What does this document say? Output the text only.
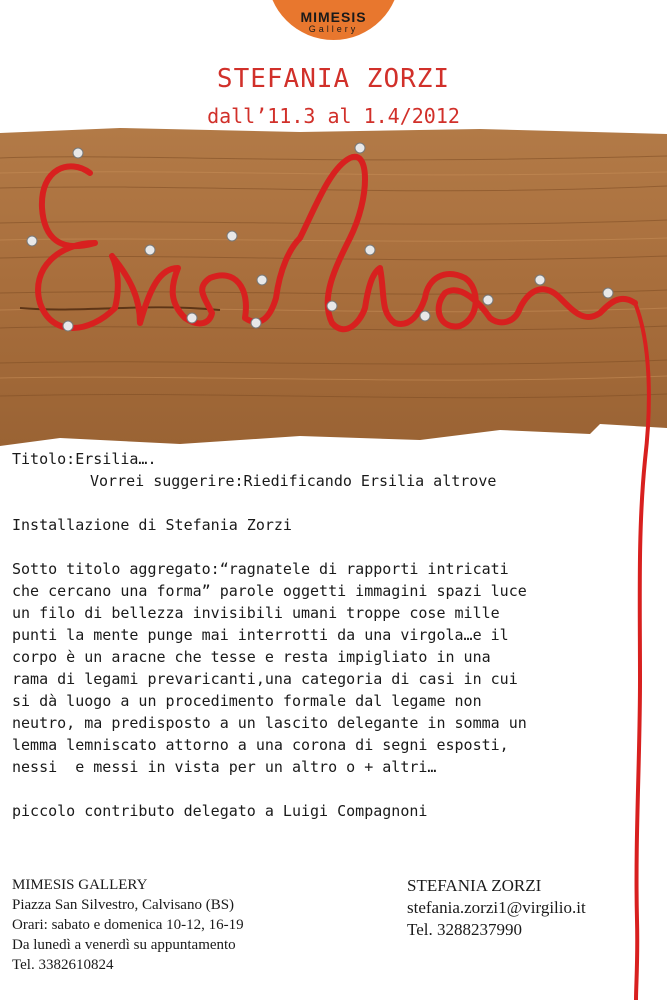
MIMESIS
Gallery
STEFANIA ZORZI
dall’11.3 al 1.4/2012

Titolo:Ersilia….

Vorrei suggerire:Riedificando Ersilia altrove

Installazione di Stefania Zorzi

Sotto titolo aggregato:“ragnatele di rapporti intricati

che cercano una forma” parole oggetti immagini spazi luce

un filo di bellezza invisibili umani troppe cose mille

punti la mente punge mai interrotti da una virgola…e il

corpo è un aracne che tesse e resta impigliato in una

rama di legami prevaricanti,una categoria di casi in cui

si dà luogo a un procedimento formale dal legame non

neutro, ma predisposto a un lascito delegante in somma un

lemma lemniscato attorno a una corona di segni esposti,

nessi  e messi in vista per un altro o + altri…

piccolo contributo delegato a Luigi Compagnoni

MIMESIS GALLERY
Piazza San Silvestro, Calvisano (BS)
Orari: sabato e domenica 10-12, 16-19
Da lunedì a venerdì su appuntamento
Tel. 3382610824
STEFANIA ZORZI
stefania.zorzi1@virgilio.it
Tel. 3288237990
